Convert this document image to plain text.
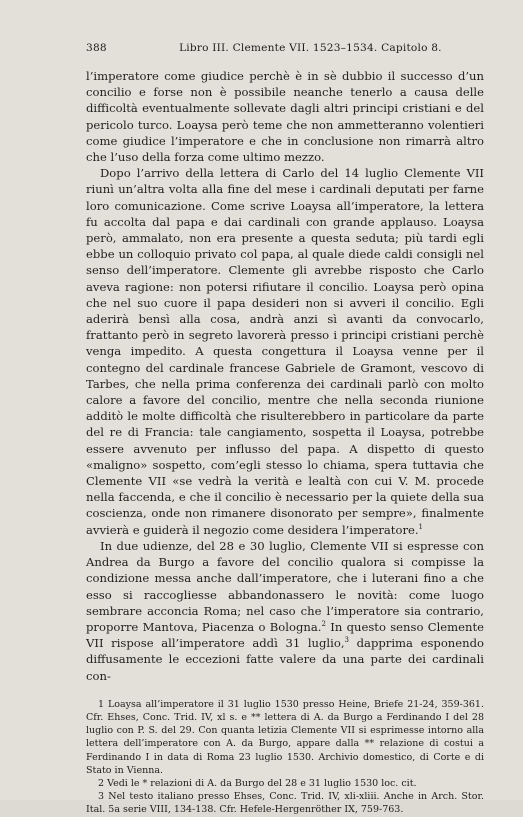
388	Libro III. Clemente VII. 1523–1534. Capitolo 8.

l’imperatore come giudice perchè è in sè dubbio il successo d’un concilio e forse non è possibile neanche tenerlo a causa delle difficoltà eventualmente sollevate dagli altri principi cristiani e del pericolo turco. Loaysa però teme che non ammetteranno volentieri come giudice l’imperatore e che in conclusione non rimarrà altro che l’uso della forza come ultimo mezzo.

Dopo l’arrivo della lettera di Carlo del 14 luglio Clemente VII riunì un’altra volta alla fine del mese i cardinali deputati per farne loro comunicazione. Come scrive Loaysa all’imperatore, la lettera fu accolta dal papa e dai cardinali con grande applauso. Loaysa però, ammalato, non era presente a questa seduta; più tardi egli ebbe un colloquio privato col papa, al quale diede caldi consigli nel senso dell’imperatore. Clemente gli avrebbe risposto che Carlo aveva ragione: non potersi rifiutare il concilio. Loaysa però opina che nel suo cuore il papa desideri non si avveri il concilio. Egli aderirà bensì alla cosa, andrà anzi sì avanti da convocarlo, frattanto però in segreto lavorerà presso i principi cristiani perchè venga impedito. A questa congettura il Loaysa venne per il contegno del cardinale francese Gabriele de Gramont, vescovo di Tarbes, che nella prima conferenza dei cardinali parlò con molto calore a favore del concilio, mentre che nella seconda riunione additò le molte difficoltà che risulterebbero in particolare da parte del re di Francia: tale cangiamento, sospetta il Loaysa, potrebbe essere avvenuto per influsso del papa. A dispetto di questo «maligno» sospetto, com’egli stesso lo chiama, spera tuttavia che Clemente VII «se vedrà la verità e lealtà con cui V. M. procede nella faccenda, e che il concilio è necessario per la quiete della sua coscienza, onde non rimanere disonorato per sempre», finalmente avvierà e guiderà il negozio come desidera l’imperatore.$^1$

In due udienze, del 28 e 30 luglio, Clemente VII si espresse con Andrea da Burgo a favore del concilio qualora si compisse la condizione messa anche dall’imperatore, che i luterani fino a che esso si raccogliesse abbandonassero le novità: come luogo sembrare acconcia Roma; nel caso che l’imperatore sia contrario, proporre Mantova, Piacenza o Bologna.$^2$ In questo senso Clemente VII rispose all’imperatore addì 31 luglio,$^3$ dapprima esponendo diffusamente le eccezioni fatte valere da una parte dei cardinali con-

1 Loaysa all’imperatore il 31 luglio 1530 presso Heine, Briefe 21-24, 359-361. Cfr. Ehses, Conc. Trid. IV, xl s. e ** lettera di A. da Burgo a Ferdinando I del 28 luglio con P. S. del 29. Con quanta letizia Clemente VII si esprimesse intorno alla lettera dell’imperatore con A. da Burgo, appare dalla ** relazione di costui a Ferdinando I in data di Roma 23 luglio 1530. Archivio domestico, di Corte e di Stato in Vienna.

2 Vedi le * relazioni di A. da Burgo del 28 e 31 luglio 1530 loc. cit.

3 Nel testo italiano presso Ehses, Conc. Trid. IV, xli-xliii. Anche in Arch. Stor. Ital. 5a serie VIII, 134-138. Cfr. Hefele-Hergenröther IX, 759-763.
